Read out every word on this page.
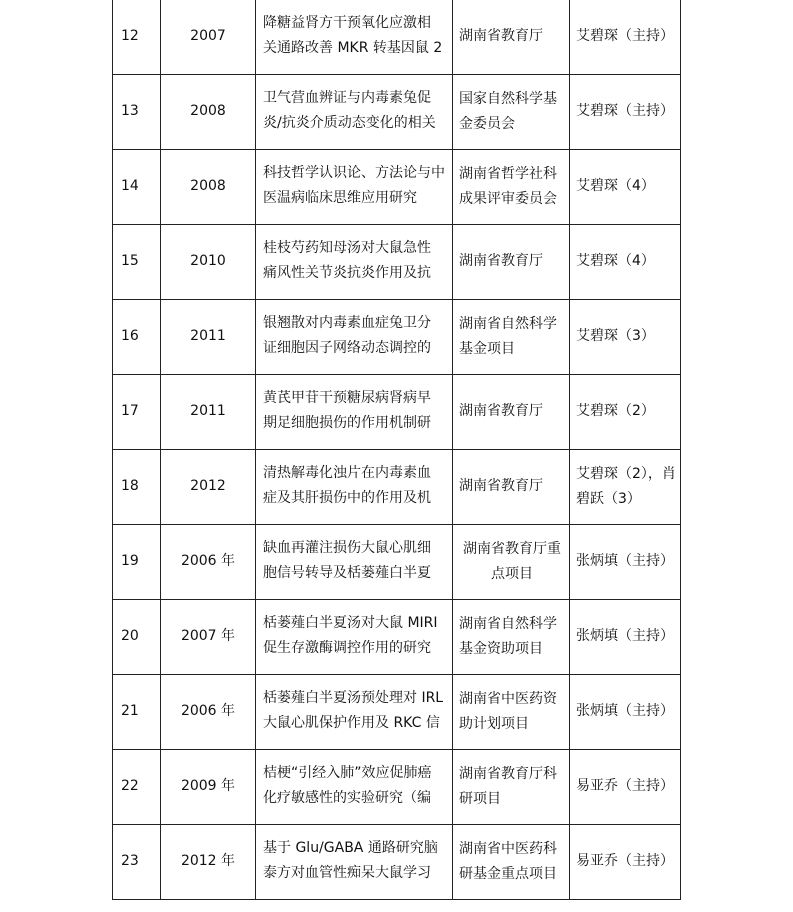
12	2007	降糖益肾方干预氧化应激相
关通路改善 MKR 转基因鼠 2	湖南省教育厅	艾碧琛（主持）

13	2008	卫气营血辨证与内毒素兔促
炎/抗炎介质动态变化的相关	国家自然科学基金委员会	艾碧琛（主持）

14	2008	科技哲学认识论、方法论与中
医温病临床思维应用研究	湖南省哲学社科成果评审委员会	艾碧琛（4）

15	2010	桂枝芍药知母汤对大鼠急性
痛风性关节炎抗炎作用及抗	湖南省教育厅	艾碧琛（4）

16	2011	银翘散对内毒素血症兔卫分
证细胞因子网络动态调控的	湖南省自然科学基金项目	艾碧琛（3）

17	2011	黄芪甲苷干预糖尿病肾病早
期足细胞损伤的作用机制研	湖南省教育厅	艾碧琛（2）

18	2012	清热解毒化浊片在内毒素血
症及其肝损伤中的作用及机	湖南省教育厅	艾碧琛（2），肖碧跃（3）

19	2006 年	缺血再灌注损伤大鼠心肌细
胞信号转导及栝蒌薤白半夏	湖南省教育厅重点项目	张炳填（主持）

20	2007 年	栝蒌薤白半夏汤对大鼠 MIRI
促生存激酶调控作用的研究	湖南省自然科学基金资助项目	张炳填（主持）

21	2006 年	栝蒌薤白半夏汤预处理对 IRL
大鼠心肌保护作用及 RKC 信	湖南省中医药资助计划项目	张炳填（主持）

22	2009 年	桔梗“引经入肺”效应促肺癌
化疗敏感性的实验研究（编	湖南省教育厅科研项目	易亚乔（主持）

23	2012 年	基于 Glu/GABA 通路研究脑
泰方对血管性痴呆大鼠学习	湖南省中医药科研基金重点项目	易亚乔（主持）
